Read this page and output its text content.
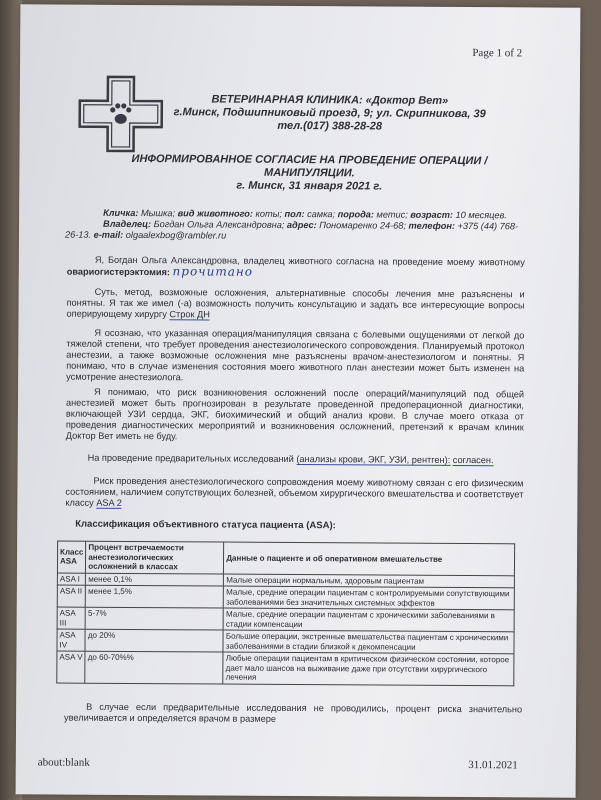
Page 1 of 2
ВЕТЕРИНАРНАЯ КЛИНИКА: «Доктор Вет»
г.Минск, Подшипниковый проезд, 9; ул. Скрипникова, 39
тел.(017) 388-28-28
ИНФОРМИРОВАННОЕ СОГЛАСИЕ НА ПРОВЕДЕНИЕ ОПЕРАЦИИ /
МАНИПУЛЯЦИИ.
г. Минск, 31 января 2021 г.
Кличка: Мышка; вид животного: коты; пол: самка; порода: метис; возраст: 10 месяцев.
Владелец: Богдан Ольга Александровна; адрес: Пономаренко 24-68; телефон: +375 (44) 768-
26-13. e-mail: olgaalexbog@rambler.ru
Я, Богдан Ольга Александровна, владелец животного согласна на проведение моему животному овариогистерэктомия: прочитано
Суть, метод, возможные осложнения, альтернативные способы лечения мне разъяснены и понятны. Я так же имел (-а) возможность получить консультацию и задать все интересующие вопросы оперирующему хирургу Строк ДН
Я осознаю, что указанная операция/манипуляция связана с болевыми ощущениями от легкой до тяжелой степени, что требует проведения анестезиологического сопровождения. Планируемый протокол анестезии, а также возможные осложнения мне разъяснены врачом-анестезиологом и понятны. Я понимаю, что в случае изменения состояния моего животного план анестезии может быть изменен на усмотрение анестезиолога.
Я понимаю, что риск возникновения осложнений после операций/манипуляций под общей анестезией может быть прогнозирован в результате проведенной предоперационной диагностики, включающей УЗИ сердца, ЭКГ, биохимический и общий анализ крови. В случае моего отказа от проведения диагностических мероприятий и возникновения осложнений, претензий к врачам клиник Доктор Вет иметь не буду.
На проведение предварительных исследований (анализы крови, ЭКГ, УЗИ, рентген): согласен.
Риск проведения анестезиологического сопровождения моему животному связан с его физическим состоянием, наличием сопутствующих болезней, объемом хирургического вмешательства и соответствует классу ASA 2
Классификация объективного статуса пациента (ASA):
Класс ASA	Процент встречаемости анестезиологических осложнений в классах	Данные о пациенте и об оперативном вмешательстве
ASA I	менее 0,1%	Малые операции нормальным, здоровым пациентам
ASA II	менее 1,5%	Малые, средние операции пациентам с контролируемыми сопутствующими заболеваниями без значительных системных эффектов
ASA III	5-7%	Малые, средние операции пациентам с хроническими заболеваниями в стадии компенсации
ASA IV	до 20%	Большие операции, экстренные вмешательства пациентам с хроническими заболеваниями в стадии близкой к декомпенсации
ASA V	до 60-70%%	Любые операции пациентам в критическом физическом состоянии, которое дает мало шансов на выживание даже при отсутствии хирургического лечения
В случае если предварительные исследования не проводились, процент риска значительно увеличивается и определяется врачом в размере
about:blank	31.01.2021
